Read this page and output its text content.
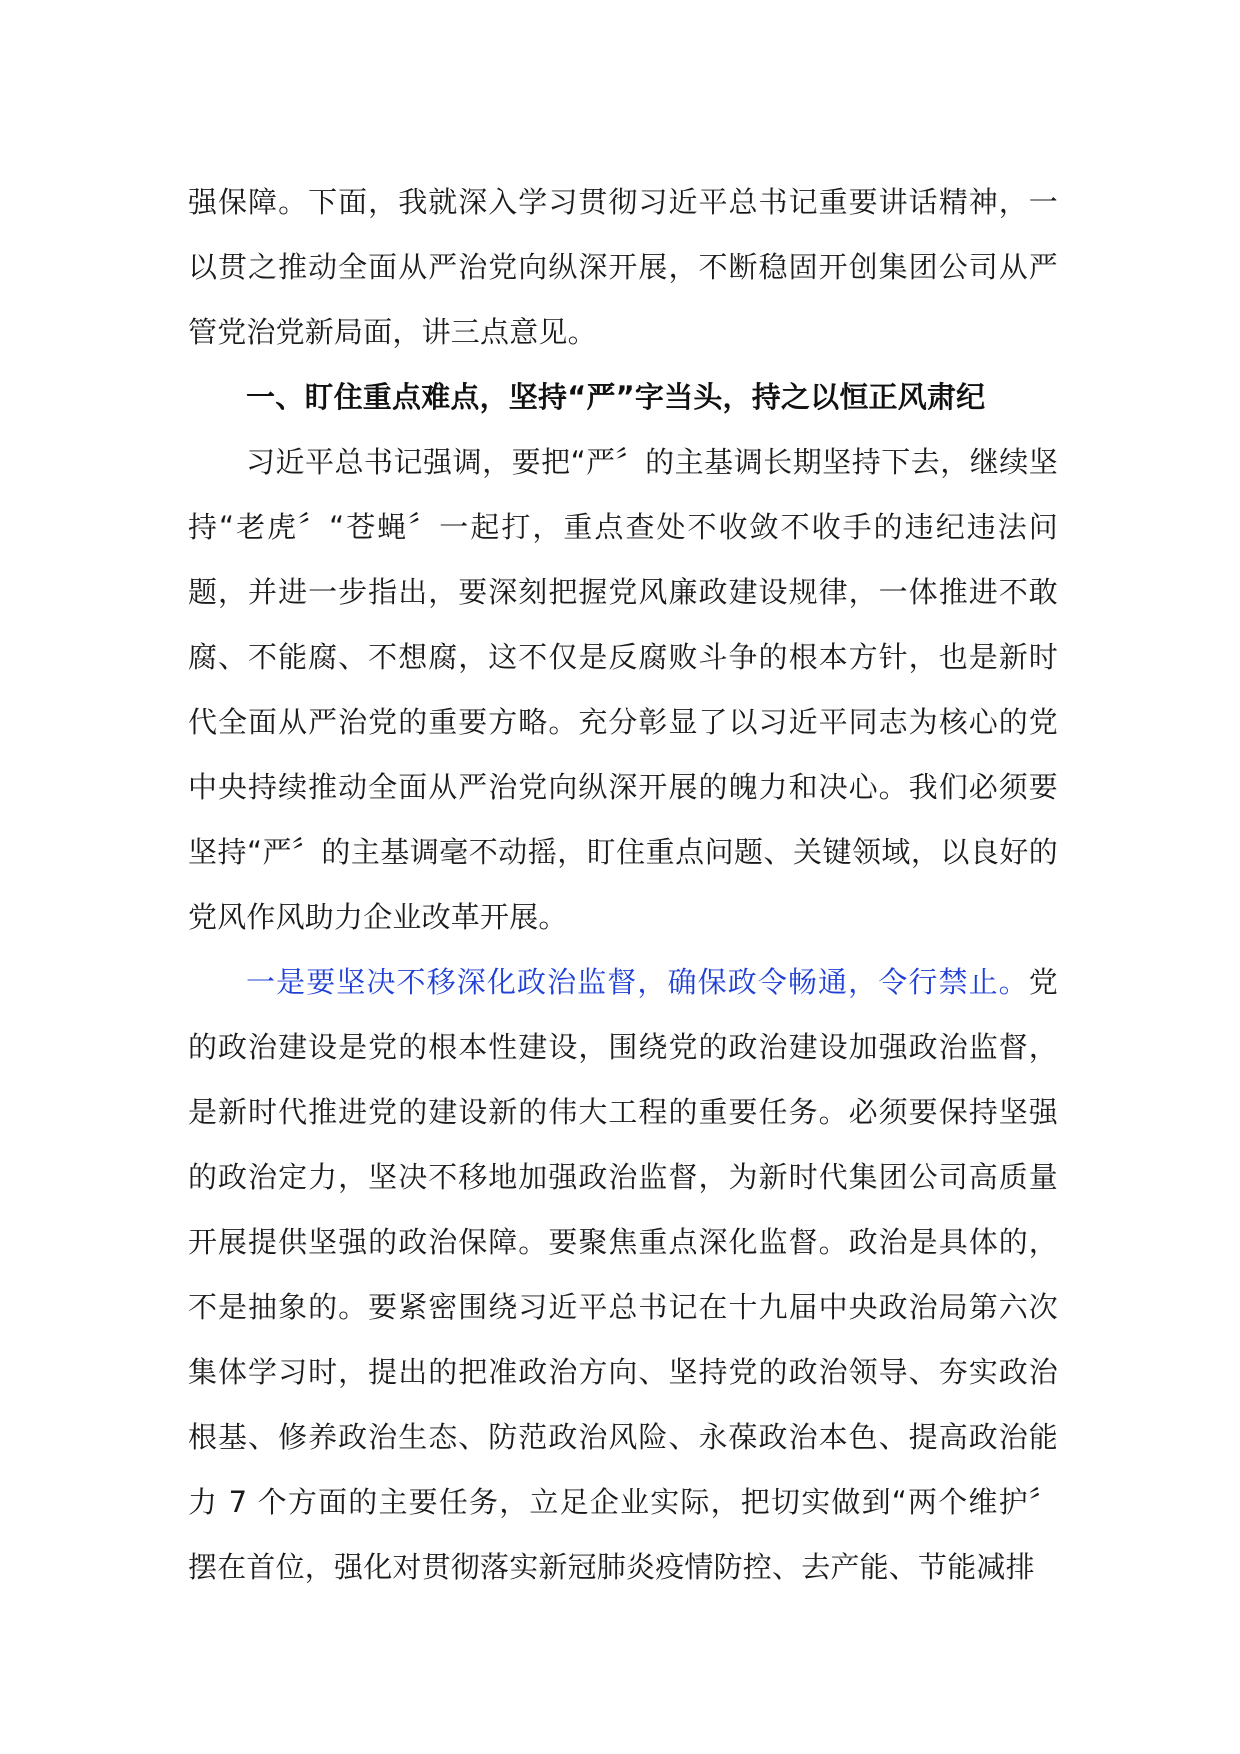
强保障。下面，我就深入学习贯彻习近平总书记重要讲话精神，一以贯之推动全面从严治党向纵深开展，不断稳固开创集团公司从严管党治党新局面，讲三点意见。

一、盯住重点难点，坚持“严”字当头，持之以恒正风肃纪

习近平总书记强调，要把“严〞的主基调长期坚持下去，继续坚持“老虎〞“苍蝇〞一起打，重点查处不收敛不收手的违纪违法问题，并进一步指出，要深刻把握党风廉政建设规律，一体推进不敢腐、不能腐、不想腐，这不仅是反腐败斗争的根本方针，也是新时代全面从严治党的重要方略。充分彰显了以习近平同志为核心的党中央持续推动全面从严治党向纵深开展的魄力和决心。我们必须要坚持“严〞的主基调毫不动摇，盯住重点问题、关键领域，以良好的党风作风助力企业改革开展。

一是要坚决不移深化政治监督，确保政令畅通，令行禁止。党的政治建设是党的根本性建设，围绕党的政治建设加强政治监督，是新时代推进党的建设新的伟大工程的重要任务。必须要保持坚强的政治定力，坚决不移地加强政治监督，为新时代集团公司高质量开展提供坚强的政治保障。要聚焦重点深化监督。政治是具体的，不是抽象的。要紧密围绕习近平总书记在十九届中央政治局第六次集体学习时，提出的把准政治方向、坚持党的政治领导、夯实政治根基、修养政治生态、防范政治风险、永葆政治本色、提高政治能力 7 个方面的主要任务，立足企业实际，把切实做到“两个维护〞摆在首位，强化对贯彻落实新冠肺炎疫情防控、去产能、节能减排
